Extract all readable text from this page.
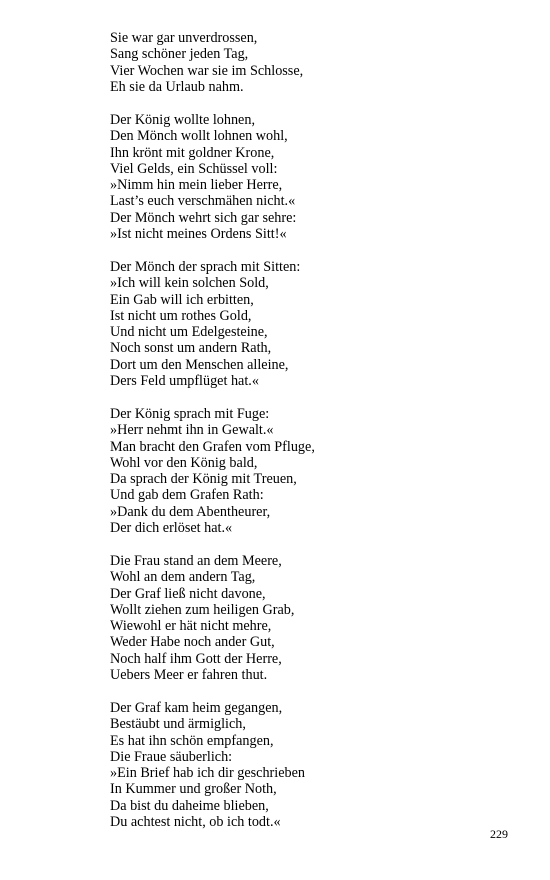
Sie war gar unverdrossen,
Sang schöner jeden Tag,
Vier Wochen war sie im Schlosse,
Eh sie da Urlaub nahm.
Der König wollte lohnen,
Den Mönch wollt lohnen wohl,
Ihn krönt mit goldner Krone,
Viel Gelds, ein Schüssel voll:
»Nimm hin mein lieber Herre,
Last’s euch verschmähen nicht.«
Der Mönch wehrt sich gar sehre:
»Ist nicht meines Ordens Sitt!«
Der Mönch der sprach mit Sitten:
»Ich will kein solchen Sold,
Ein Gab will ich erbitten,
Ist nicht um rothes Gold,
Und nicht um Edelgesteine,
Noch sonst um andern Rath,
Dort um den Menschen alleine,
Ders Feld umpflüget hat.«
Der König sprach mit Fuge:
»Herr nehmt ihn in Gewalt.«
Man bracht den Grafen vom Pfluge,
Wohl vor den König bald,
Da sprach der König mit Treuen,
Und gab dem Grafen Rath:
»Dank du dem Abentheurer,
Der dich erlöset hat.«
Die Frau stand an dem Meere,
Wohl an dem andern Tag,
Der Graf ließ nicht davone,
Wollt ziehen zum heiligen Grab,
Wiewohl er hät nicht mehre,
Weder Habe noch ander Gut,
Noch half ihm Gott der Herre,
Uebers Meer er fahren thut.
Der Graf kam heim gegangen,
Bestäubt und ärmiglich,
Es hat ihn schön empfangen,
Die Fraue säuberlich:
»Ein Brief hab ich dir geschrieben
In Kummer und großer Noth,
Da bist du daheime blieben,
Du achtest nicht, ob ich todt.«
229
